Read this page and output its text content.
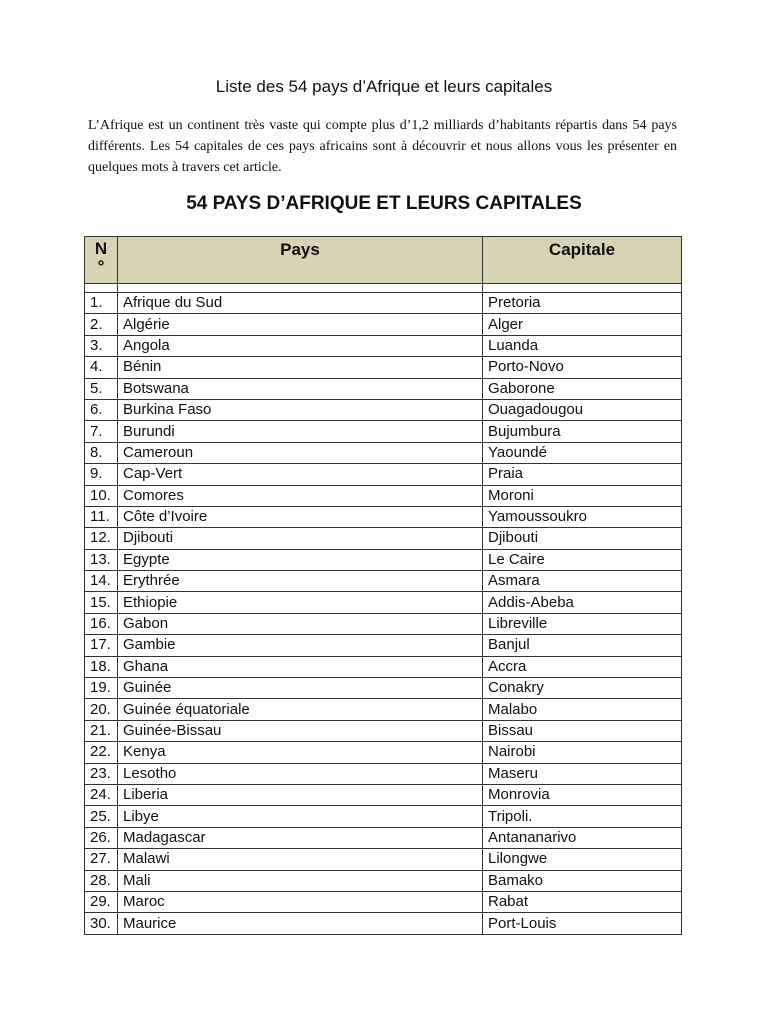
Liste des 54 pays d’Afrique et leurs capitales

L’Afrique est un continent très vaste qui compte plus d’1,2 milliards d’habitants répartis dans 54 pays différents. Les 54 capitales de ces pays africains sont à découvrir et nous allons vous les présenter en quelques mots à travers cet article.

54 PAYS D’AFRIQUE ET LEURS CAPITALES
N
°	Pays	Capitale

1.	Afrique du Sud	Pretoria
2.	Algérie	Alger
3.	Angola	Luanda
4.	Bénin	Porto-Novo
5.	Botswana	Gaborone
6.	Burkina Faso	Ouagadougou
7.	Burundi	Bujumbura
8.	Cameroun	Yaoundé
9.	Cap-Vert	Praia
10.	Comores	Moroni
11.	Côte d’Ivoire	Yamoussoukro
12.	Djibouti	Djibouti
13.	Egypte	Le Caire
14.	Erythrée	Asmara
15.	Ethiopie	Addis-Abeba
16.	Gabon	Libreville
17.	Gambie	Banjul
18.	Ghana	Accra
19.	Guinée	Conakry
20.	Guinée équatoriale	Malabo
21.	Guinée-Bissau	Bissau
22.	Kenya	Nairobi
23.	Lesotho	Maseru
24.	Liberia	Monrovia
25.	Libye	Tripoli.
26.	Madagascar	Antananarivo
27.	Malawi	Lilongwe
28.	Mali	Bamako
29.	Maroc	Rabat
30.	Maurice	Port-Louis
